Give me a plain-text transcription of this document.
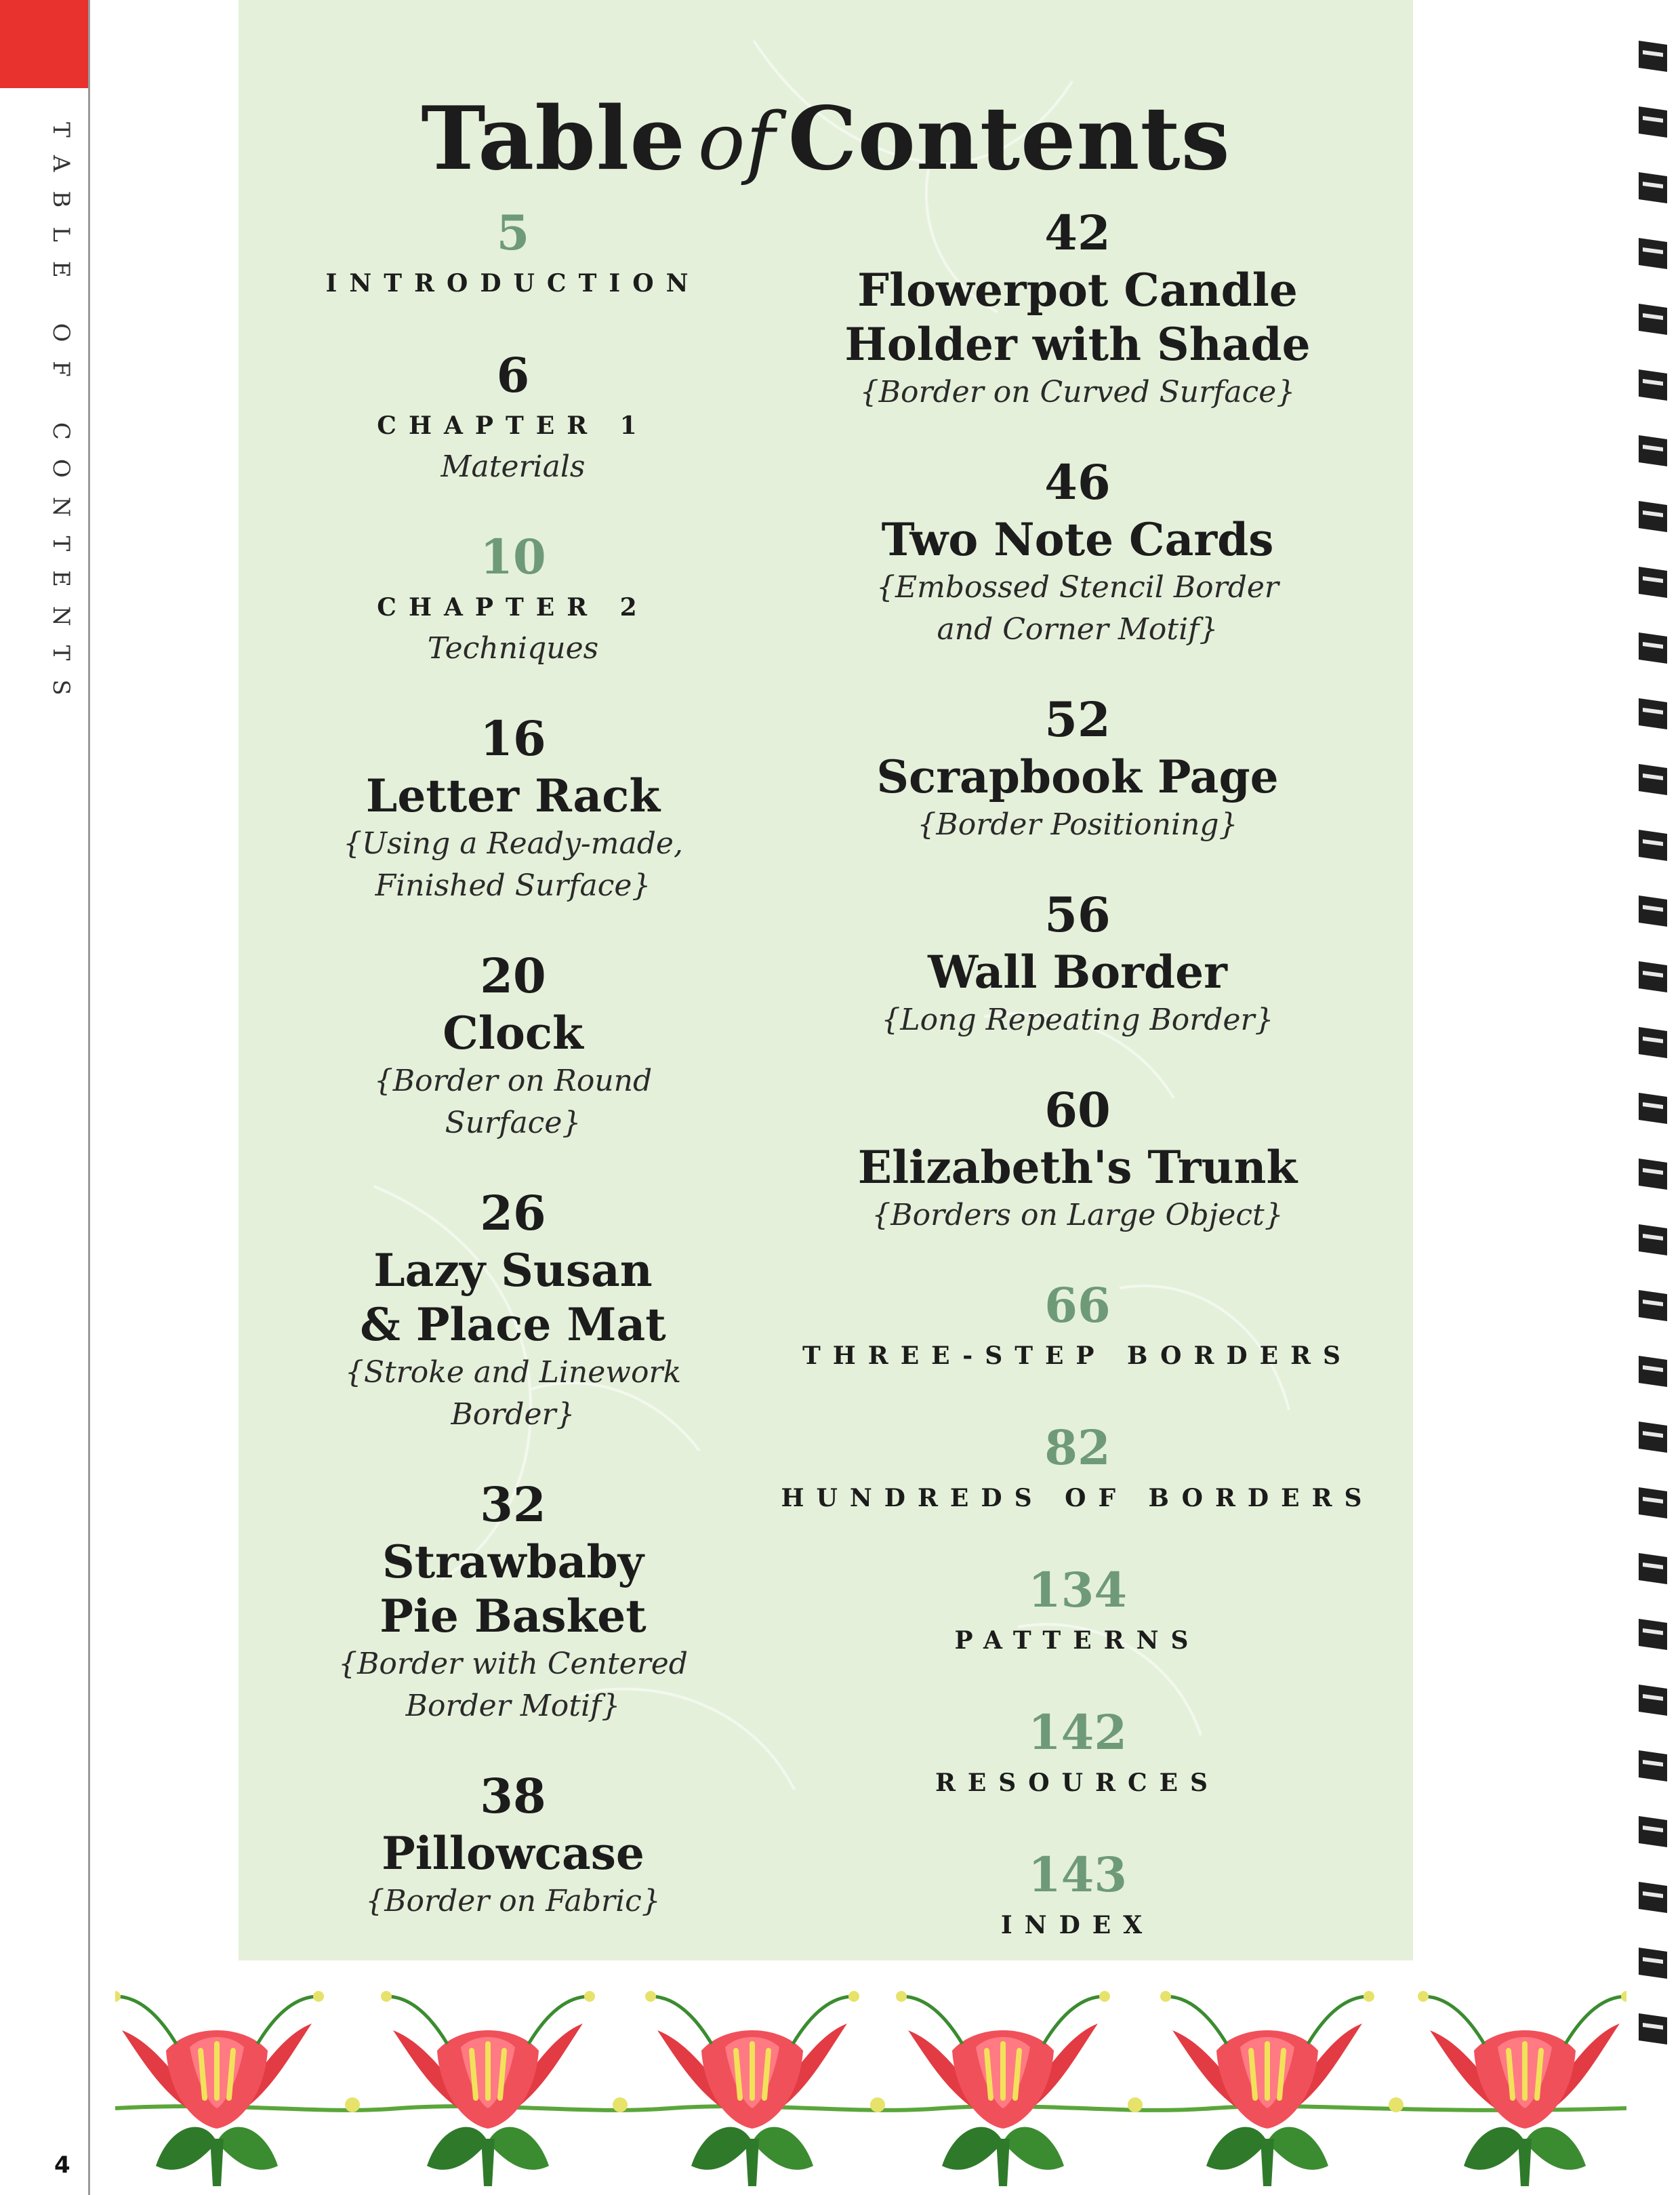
TABLE OF CONTENTS
4
Table of Contents
5
INTRODUCTION
6
CHAPTER 1
Materials
10
CHAPTER 2
Techniques
16
Letter Rack
{Using a Ready-made,
Finished Surface}
20
Clock
{Border on Round Surface}
26
Lazy Susan
& Place Mat
{Stroke and Linework Border}
32
Strawbaby
Pie Basket
{Border with Centered
Border Motif}
38
Pillowcase
{Border on Fabric}
42
Flowerpot Candle
Holder with Shade
{Border on Curved Surface}
46
Two Note Cards
{Embossed Stencil Border
and Corner Motif}
52
Scrapbook Page
{Border Positioning}
56
Wall Border
{Long Repeating Border}
60
Elizabeth's Trunk
{Borders on Large Object}
66
THREE-STEP BORDERS
82
HUNDREDS OF BORDERS
134
PATTERNS
142
RESOURCES
143
INDEX
